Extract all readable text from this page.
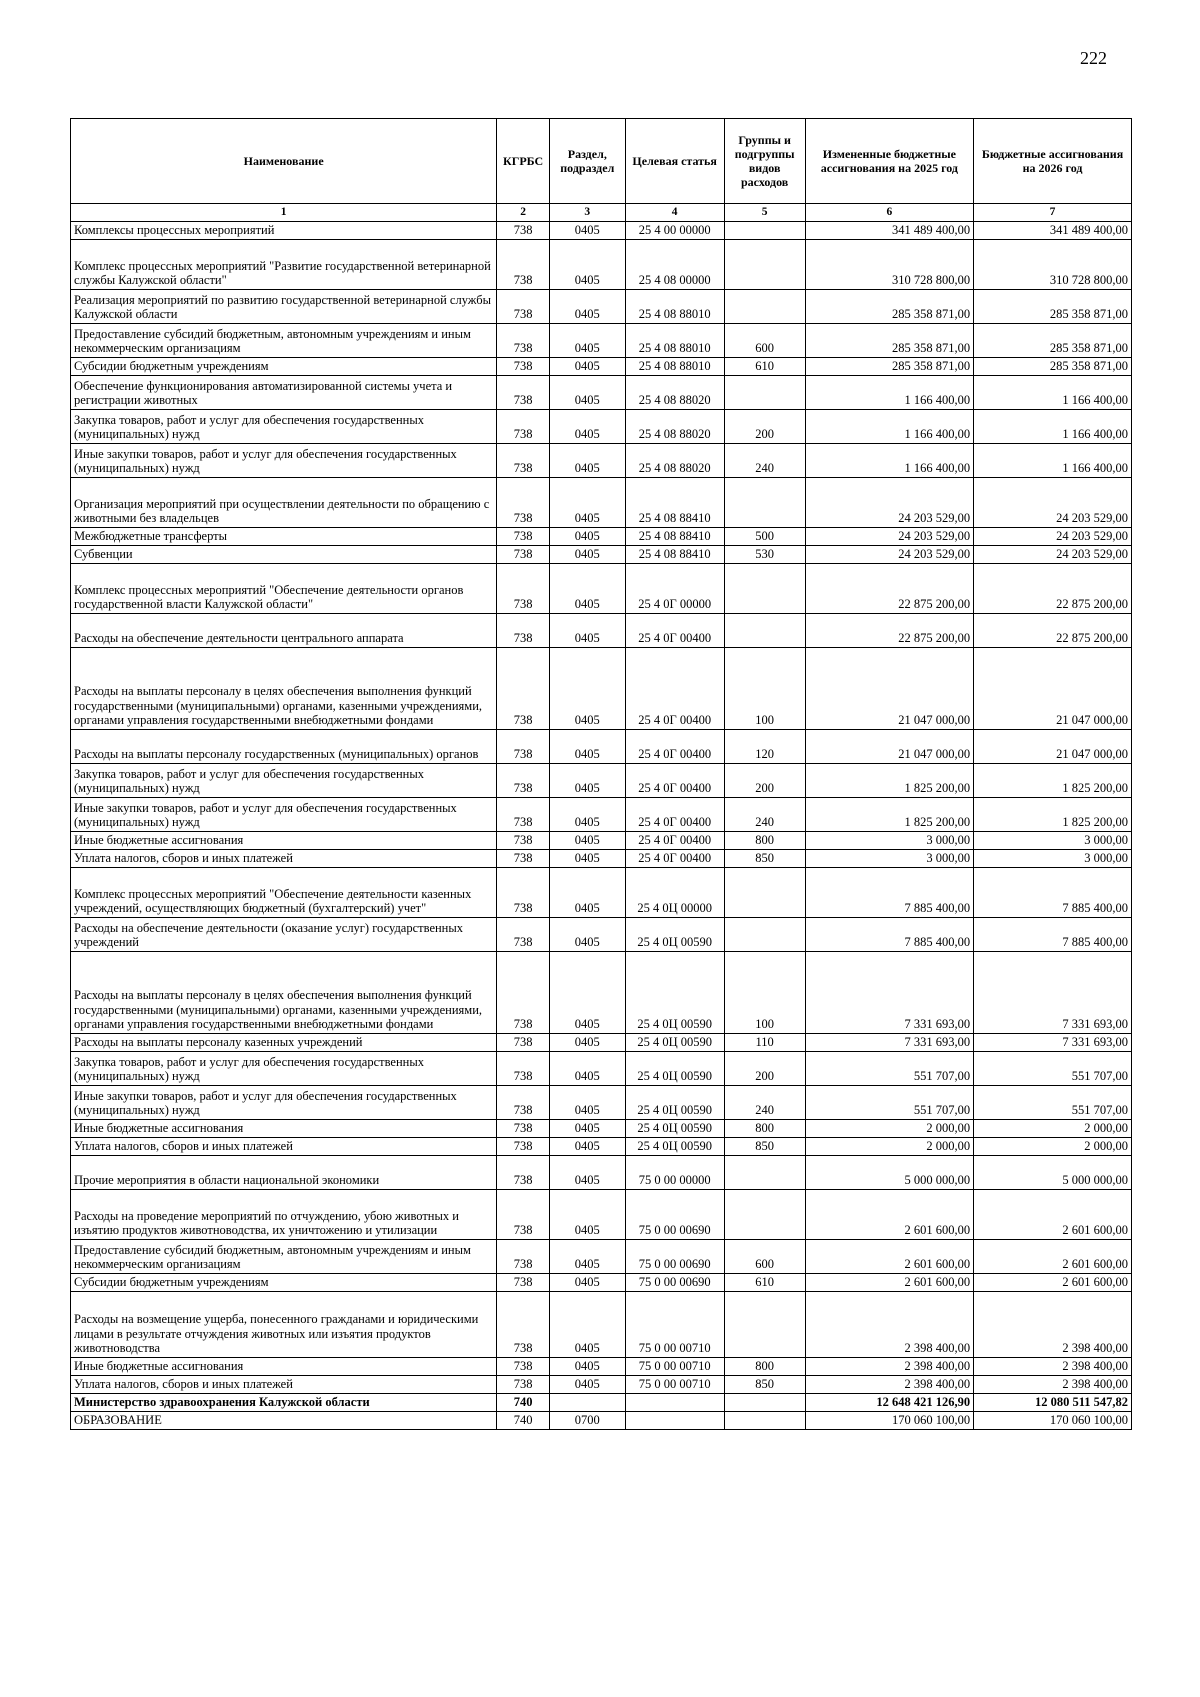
222
Наименование	КГРБС	Раздел, подраздел	Целевая статья	Группы и подгруппы видов расходов	Измененные бюджетные ассигнования на 2025 год	Бюджетные ассигнования на 2026 год
1	2	3	4	5	6	7
Комплексы процессных мероприятий	738	0405	25 4 00 00000		341 489 400,00	341 489 400,00
Комплекс процессных мероприятий "Развитие государственной ветеринарной службы Калужской области"	738	0405	25 4 08 00000		310 728 800,00	310 728 800,00
Реализация мероприятий по развитию государственной ветеринарной службы Калужской области	738	0405	25 4 08 88010		285 358 871,00	285 358 871,00
Предоставление субсидий бюджетным, автономным учреждениям и иным некоммерческим организациям	738	0405	25 4 08 88010	600	285 358 871,00	285 358 871,00
Субсидии бюджетным учреждениям	738	0405	25 4 08 88010	610	285 358 871,00	285 358 871,00
Обеспечение функционирования автоматизированной системы учета и регистрации животных	738	0405	25 4 08 88020		1 166 400,00	1 166 400,00
Закупка товаров, работ и услуг для обеспечения государственных (муниципальных) нужд	738	0405	25 4 08 88020	200	1 166 400,00	1 166 400,00
Иные закупки товаров, работ и услуг для обеспечения государственных (муниципальных) нужд	738	0405	25 4 08 88020	240	1 166 400,00	1 166 400,00
Организация мероприятий при осуществлении деятельности по обращению с животными без владельцев	738	0405	25 4 08 88410		24 203 529,00	24 203 529,00
Межбюджетные трансферты	738	0405	25 4 08 88410	500	24 203 529,00	24 203 529,00
Субвенции	738	0405	25 4 08 88410	530	24 203 529,00	24 203 529,00
Комплекс процессных мероприятий "Обеспечение деятельности органов государственной власти Калужской области"	738	0405	25 4 0Г 00000		22 875 200,00	22 875 200,00
Расходы на обеспечение деятельности центрального аппарата	738	0405	25 4 0Г 00400		22 875 200,00	22 875 200,00
Расходы на выплаты персоналу в целях обеспечения выполнения функций государственными (муниципальными) органами, казенными учреждениями, органами управления государственными внебюджетными фондами	738	0405	25 4 0Г 00400	100	21 047 000,00	21 047 000,00
Расходы на выплаты персоналу государственных (муниципальных) органов	738	0405	25 4 0Г 00400	120	21 047 000,00	21 047 000,00
Закупка товаров, работ и услуг для обеспечения государственных (муниципальных) нужд	738	0405	25 4 0Г 00400	200	1 825 200,00	1 825 200,00
Иные закупки товаров, работ и услуг для обеспечения государственных (муниципальных) нужд	738	0405	25 4 0Г 00400	240	1 825 200,00	1 825 200,00
Иные бюджетные ассигнования	738	0405	25 4 0Г 00400	800	3 000,00	3 000,00
Уплата налогов, сборов и иных платежей	738	0405	25 4 0Г 00400	850	3 000,00	3 000,00
Комплекс процессных мероприятий "Обеспечение деятельности казенных учреждений, осуществляющих бюджетный (бухгалтерский) учет"	738	0405	25 4 0Ц 00000		7 885 400,00	7 885 400,00
Расходы на обеспечение деятельности (оказание услуг) государственных учреждений	738	0405	25 4 0Ц 00590		7 885 400,00	7 885 400,00
Расходы на выплаты персоналу в целях обеспечения выполнения функций государственными (муниципальными) органами, казенными учреждениями, органами управления государственными внебюджетными фондами	738	0405	25 4 0Ц 00590	100	7 331 693,00	7 331 693,00
Расходы на выплаты персоналу казенных учреждений	738	0405	25 4 0Ц 00590	110	7 331 693,00	7 331 693,00
Закупка товаров, работ и услуг для обеспечения государственных (муниципальных) нужд	738	0405	25 4 0Ц 00590	200	551 707,00	551 707,00
Иные закупки товаров, работ и услуг для обеспечения государственных (муниципальных) нужд	738	0405	25 4 0Ц 00590	240	551 707,00	551 707,00
Иные бюджетные ассигнования	738	0405	25 4 0Ц 00590	800	2 000,00	2 000,00
Уплата налогов, сборов и иных платежей	738	0405	25 4 0Ц 00590	850	2 000,00	2 000,00
Прочие мероприятия в области национальной экономики	738	0405	75 0 00 00000		5 000 000,00	5 000 000,00
Расходы на проведение мероприятий по отчуждению, убою животных и изъятию продуктов животноводства, их уничтожению и утилизации	738	0405	75 0 00 00690		2 601 600,00	2 601 600,00
Предоставление субсидий бюджетным, автономным учреждениям и иным некоммерческим организациям	738	0405	75 0 00 00690	600	2 601 600,00	2 601 600,00
Субсидии бюджетным учреждениям	738	0405	75 0 00 00690	610	2 601 600,00	2 601 600,00
Расходы на возмещение ущерба, понесенного гражданами и юридическими лицами в результате отчуждения животных или изъятия продуктов животноводства	738	0405	75 0 00 00710		2 398 400,00	2 398 400,00
Иные бюджетные ассигнования	738	0405	75 0 00 00710	800	2 398 400,00	2 398 400,00
Уплата налогов, сборов и иных платежей	738	0405	75 0 00 00710	850	2 398 400,00	2 398 400,00
Министерство здравоохранения Калужской области	740				12 648 421 126,90	12 080 511 547,82
ОБРАЗОВАНИЕ	740	0700			170 060 100,00	170 060 100,00
